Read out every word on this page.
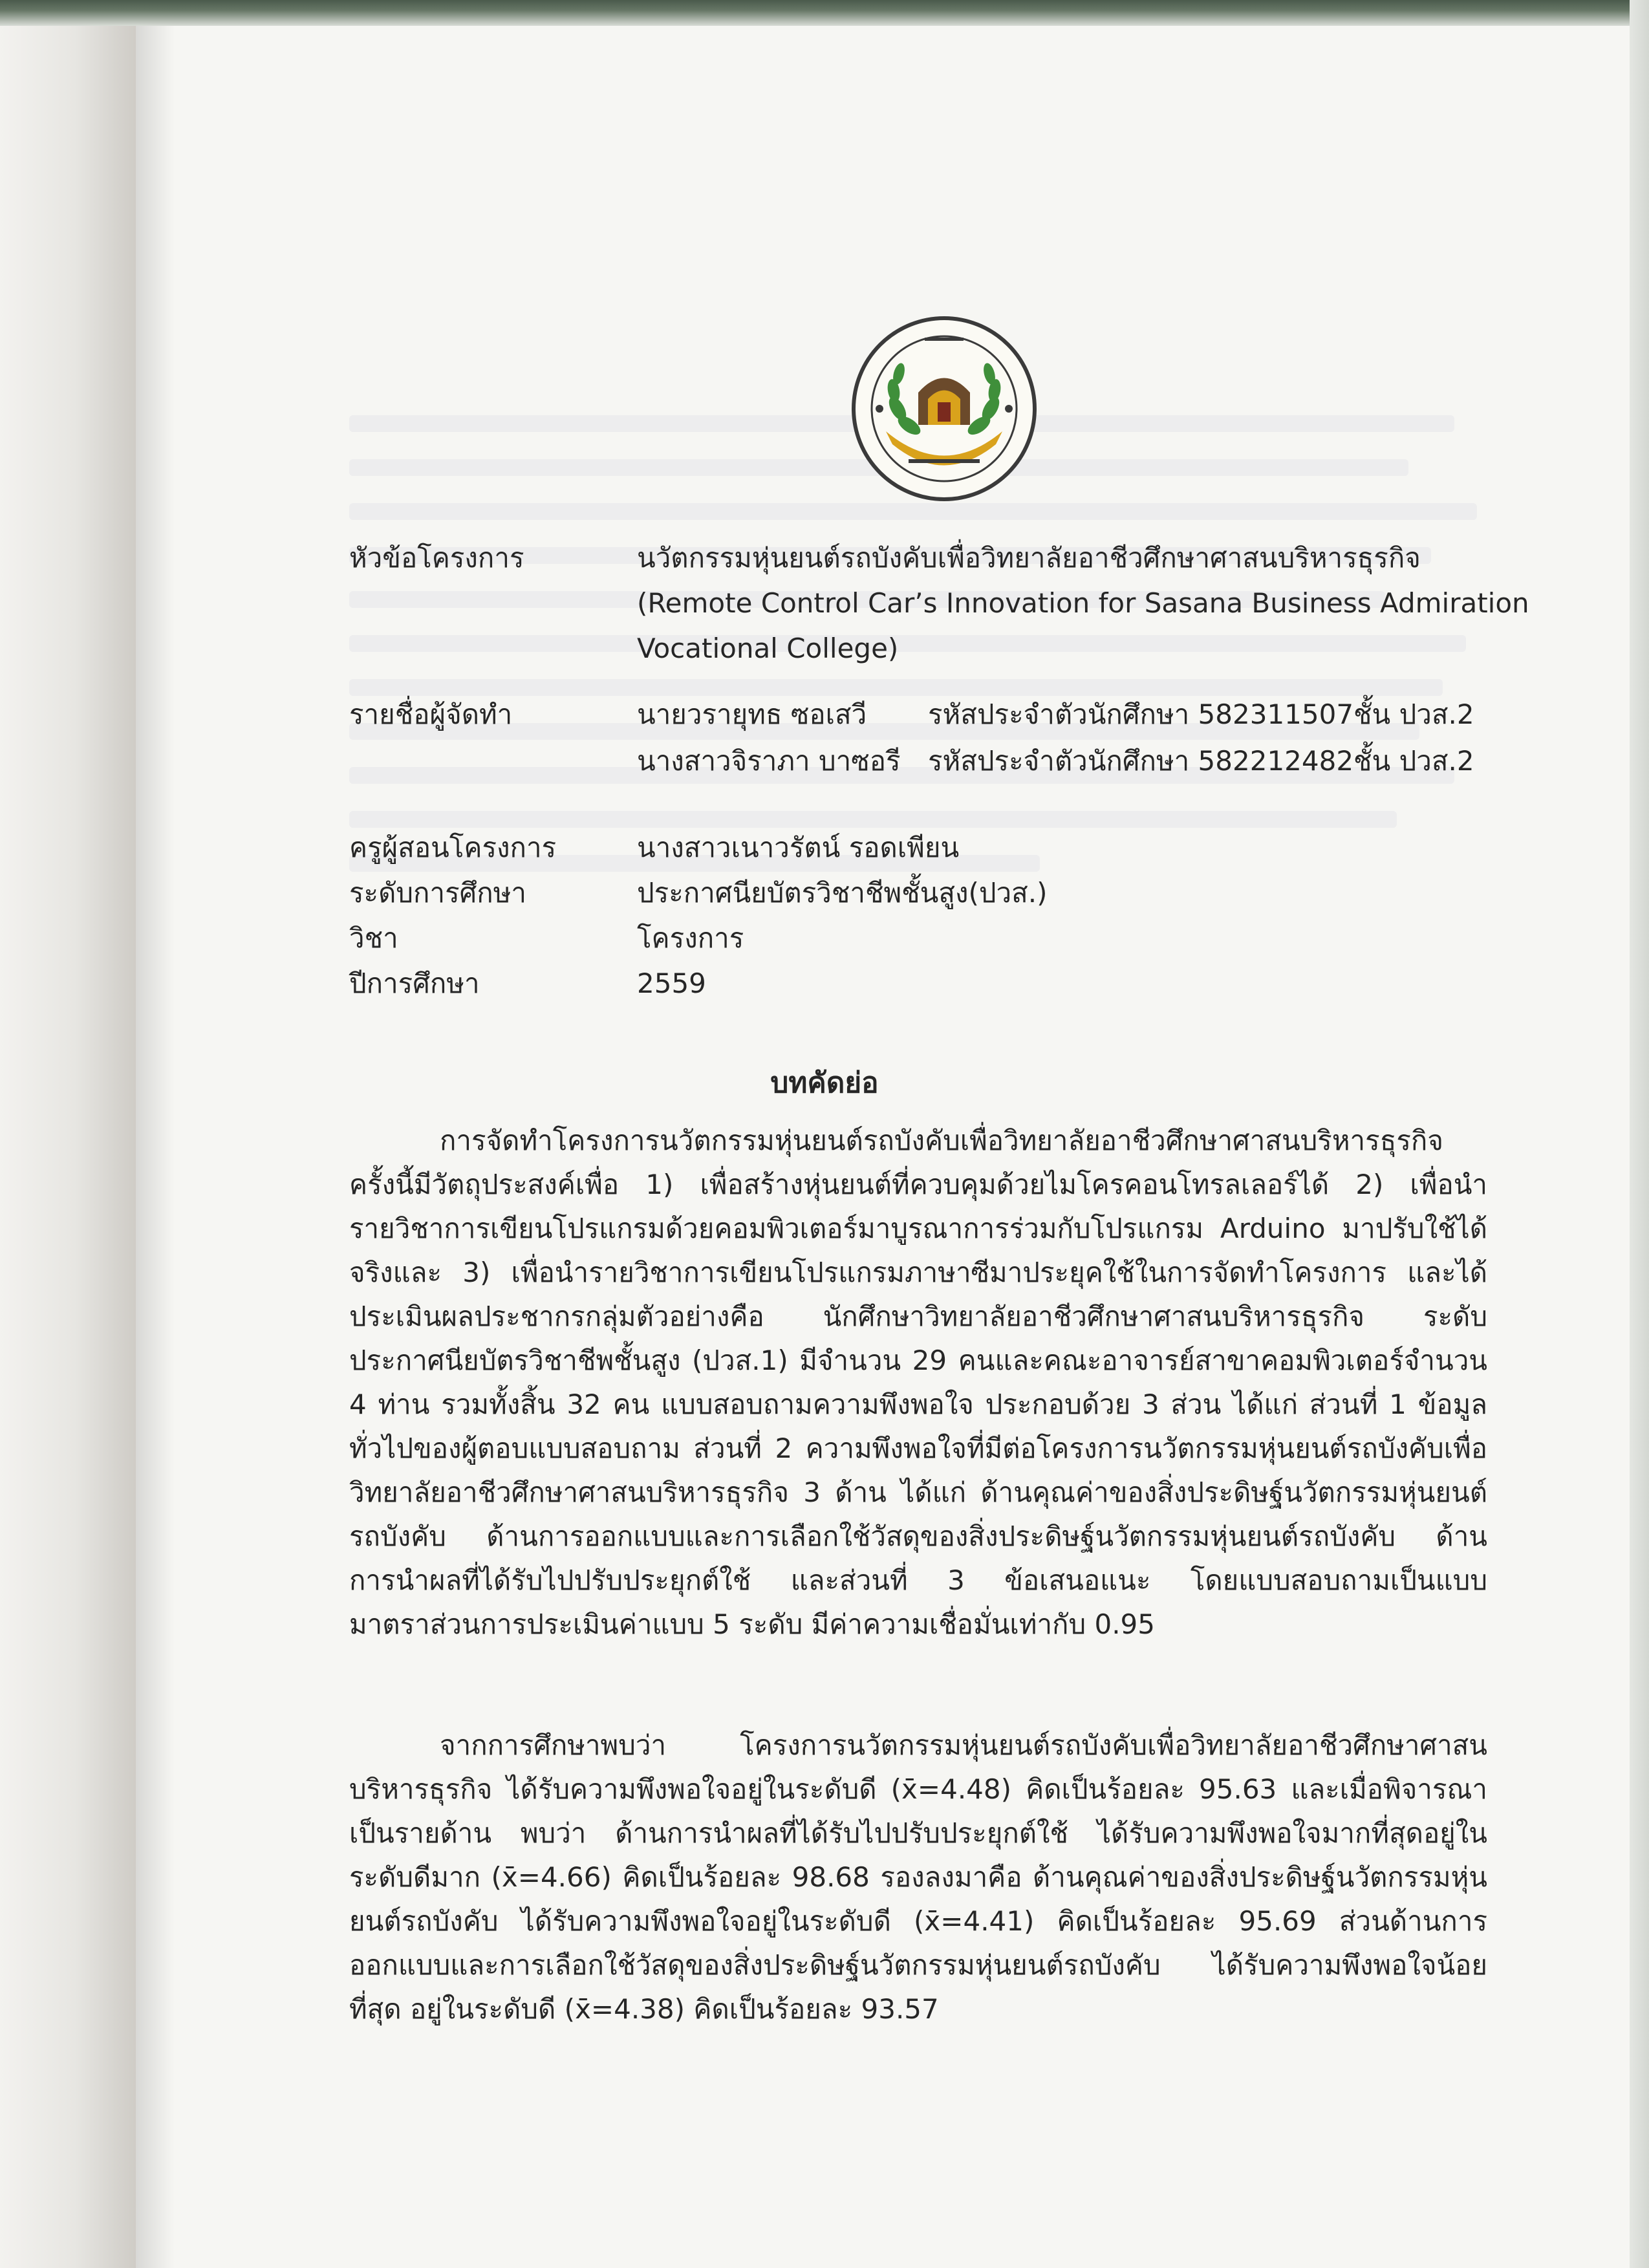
หัวข้อโครงการ	นวัตกรรมหุ่นยนต์รถบังคับเพื่อวิทยาลัยอาชีวศึกษาศาสนบริหารธุรกิจ
(Remote Control Car’s Innovation for Sasana Business Admiration
Vocational College)
รายชื่อผู้จัดทำ	นายวรายุทธ ซอเสวี รหัสประจำตัวนักศึกษา 582311507ชั้น ปวส.2
นางสาวจิราภา บาซอรี รหัสประจำตัวนักศึกษา 582212482ชั้น ปวส.2
ครูผู้สอนโครงการ	นางสาวเนาวรัตน์ รอดเพียน
ระดับการศึกษา	ประกาศนียบัตรวิชาชีพชั้นสูง(ปวส.)
วิชา	โครงการ
ปีการศึกษา	2559
บทคัดย่อ
การจัดทำโครงการนวัตกรรมหุ่นยนต์รถบังคับเพื่อวิทยาลัยอาชีวศึกษาศาสนบริหารธุรกิจครั้งนี้มีวัตถุประสงค์เพื่อ 1) เพื่อสร้างหุ่นยนต์ที่ควบคุมด้วยไมโครคอนโทรลเลอร์ได้ 2) เพื่อนำรายวิชาการเขียนโปรแกรมด้วยคอมพิวเตอร์มาบูรณาการร่วมกับโปรแกรม Arduino มาปรับใช้ได้จริงและ 3) เพื่อนำรายวิชาการเขียนโปรแกรมภาษาซีมาประยุคใช้ในการจัดทำโครงการ และได้ประเมินผลประชากรกลุ่มตัวอย่างคือ นักศึกษาวิทยาลัยอาชีวศึกษาศาสนบริหารธุรกิจ ระดับประกาศนียบัตรวิชาชีพชั้นสูง (ปวส.1) มีจำนวน 29 คนและคณะอาจารย์สาขาคอมพิวเตอร์จำนวน 4 ท่าน รวมทั้งสิ้น 32 คน แบบสอบถามความพึงพอใจ ประกอบด้วย 3 ส่วน ได้แก่ ส่วนที่ 1 ข้อมูลทั่วไปของผู้ตอบแบบสอบถาม ส่วนที่ 2 ความพึงพอใจที่มีต่อโครงการนวัตกรรมหุ่นยนต์รถบังคับเพื่อวิทยาลัยอาชีวศึกษาศาสนบริหารธุรกิจ 3 ด้าน ได้แก่ ด้านคุณค่าของสิ่งประดิษฐ์นวัตกรรมหุ่นยนต์รถบังคับ ด้านการออกแบบและการเลือกใช้วัสดุของสิ่งประดิษฐ์นวัตกรรมหุ่นยนต์รถบังคับ ด้านการนำผลที่ได้รับไปปรับประยุกต์ใช้ และส่วนที่ 3 ข้อเสนอแนะ โดยแบบสอบถามเป็นแบบมาตราส่วนการประเมินค่าแบบ 5 ระดับ มีค่าความเชื่อมั่นเท่ากับ 0.95
จากการศึกษาพบว่า โครงการนวัตกรรมหุ่นยนต์รถบังคับเพื่อวิทยาลัยอาชีวศึกษาศาสนบริหารธุรกิจ ได้รับความพึงพอใจอยู่ในระดับดี (x̄=4.48) คิดเป็นร้อยละ 95.63 และเมื่อพิจารณาเป็นรายด้าน พบว่า ด้านการนำผลที่ได้รับไปปรับประยุกต์ใช้ ได้รับความพึงพอใจมากที่สุดอยู่ในระดับดีมาก (x̄=4.66) คิดเป็นร้อยละ 98.68 รองลงมาคือ ด้านคุณค่าของสิ่งประดิษฐ์นวัตกรรมหุ่นยนต์รถบังคับ ได้รับความพึงพอใจอยู่ในระดับดี (x̄=4.41) คิดเป็นร้อยละ 95.69 ส่วนด้านการออกแบบและการเลือกใช้วัสดุของสิ่งประดิษฐ์นวัตกรรมหุ่นยนต์รถบังคับ ได้รับความพึงพอใจน้อยที่สุด อยู่ในระดับดี (x̄=4.38) คิดเป็นร้อยละ 93.57
